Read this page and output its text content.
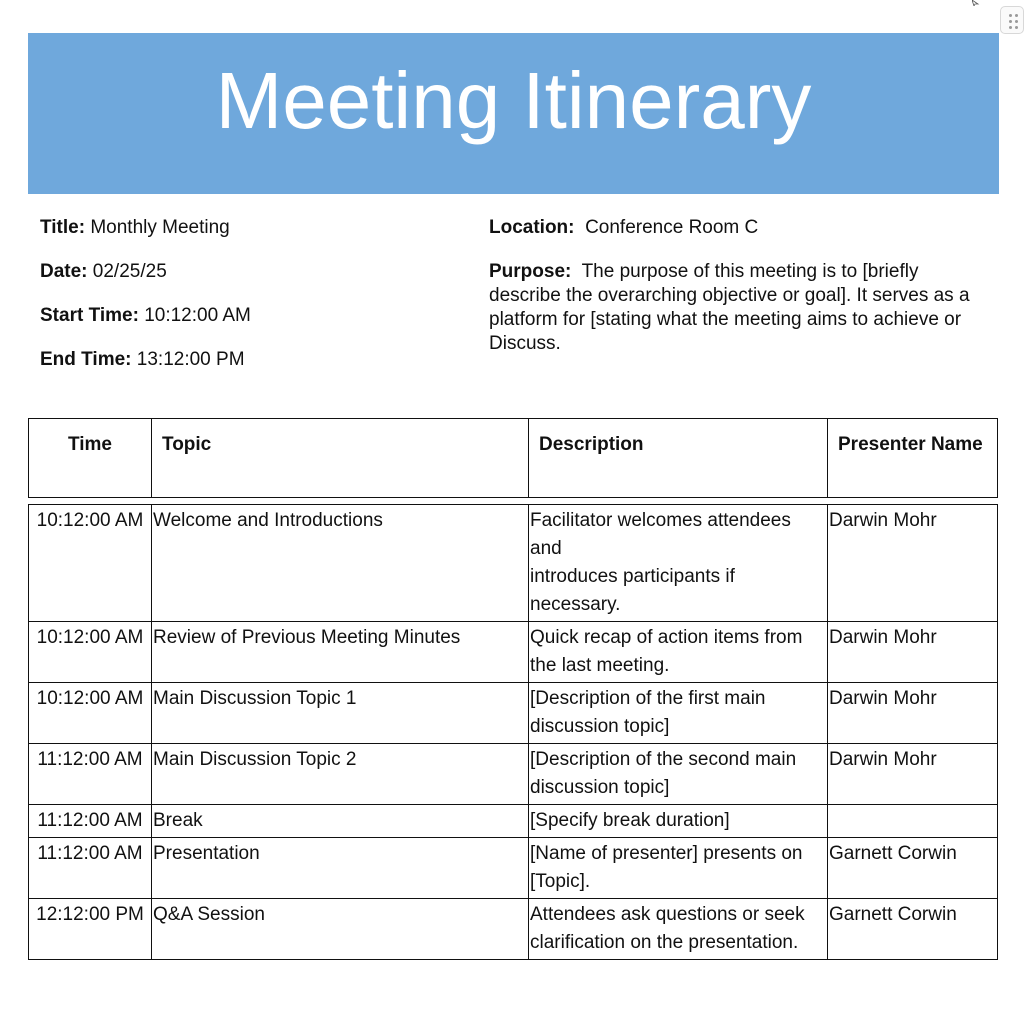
Meeting Itinerary
Title: Monthly Meeting
Date: 02/25/25
Start Time: 10:12:00 AM
End Time: 13:12:00 PM
Location: Conference Room C
Purpose: The purpose of this meeting is to [briefly describe the overarching objective or goal]. It serves as a platform for [stating what the meeting aims to achieve or
Discuss.
Time	Topic	Description	Presenter Name
10:12:00 AM	Welcome and Introductions	Facilitator welcomes attendees and
introduces participants if necessary.	Darwin Mohr
10:12:00 AM	Review of Previous Meeting Minutes	Quick recap of action items from
the last meeting.	Darwin Mohr
10:12:00 AM	Main Discussion Topic 1	[Description of the first main discussion topic]	Darwin Mohr
11:12:00 AM	Main Discussion Topic 2	[Description of the second main discussion topic]	Darwin Mohr
11:12:00 AM	Break	[Specify break duration]	
11:12:00 AM	Presentation	[Name of presenter] presents on [Topic].	Garnett Corwin
12:12:00 PM	Q&A Session	Attendees ask questions or seek
clarification on the presentation.	Garnett Corwin
